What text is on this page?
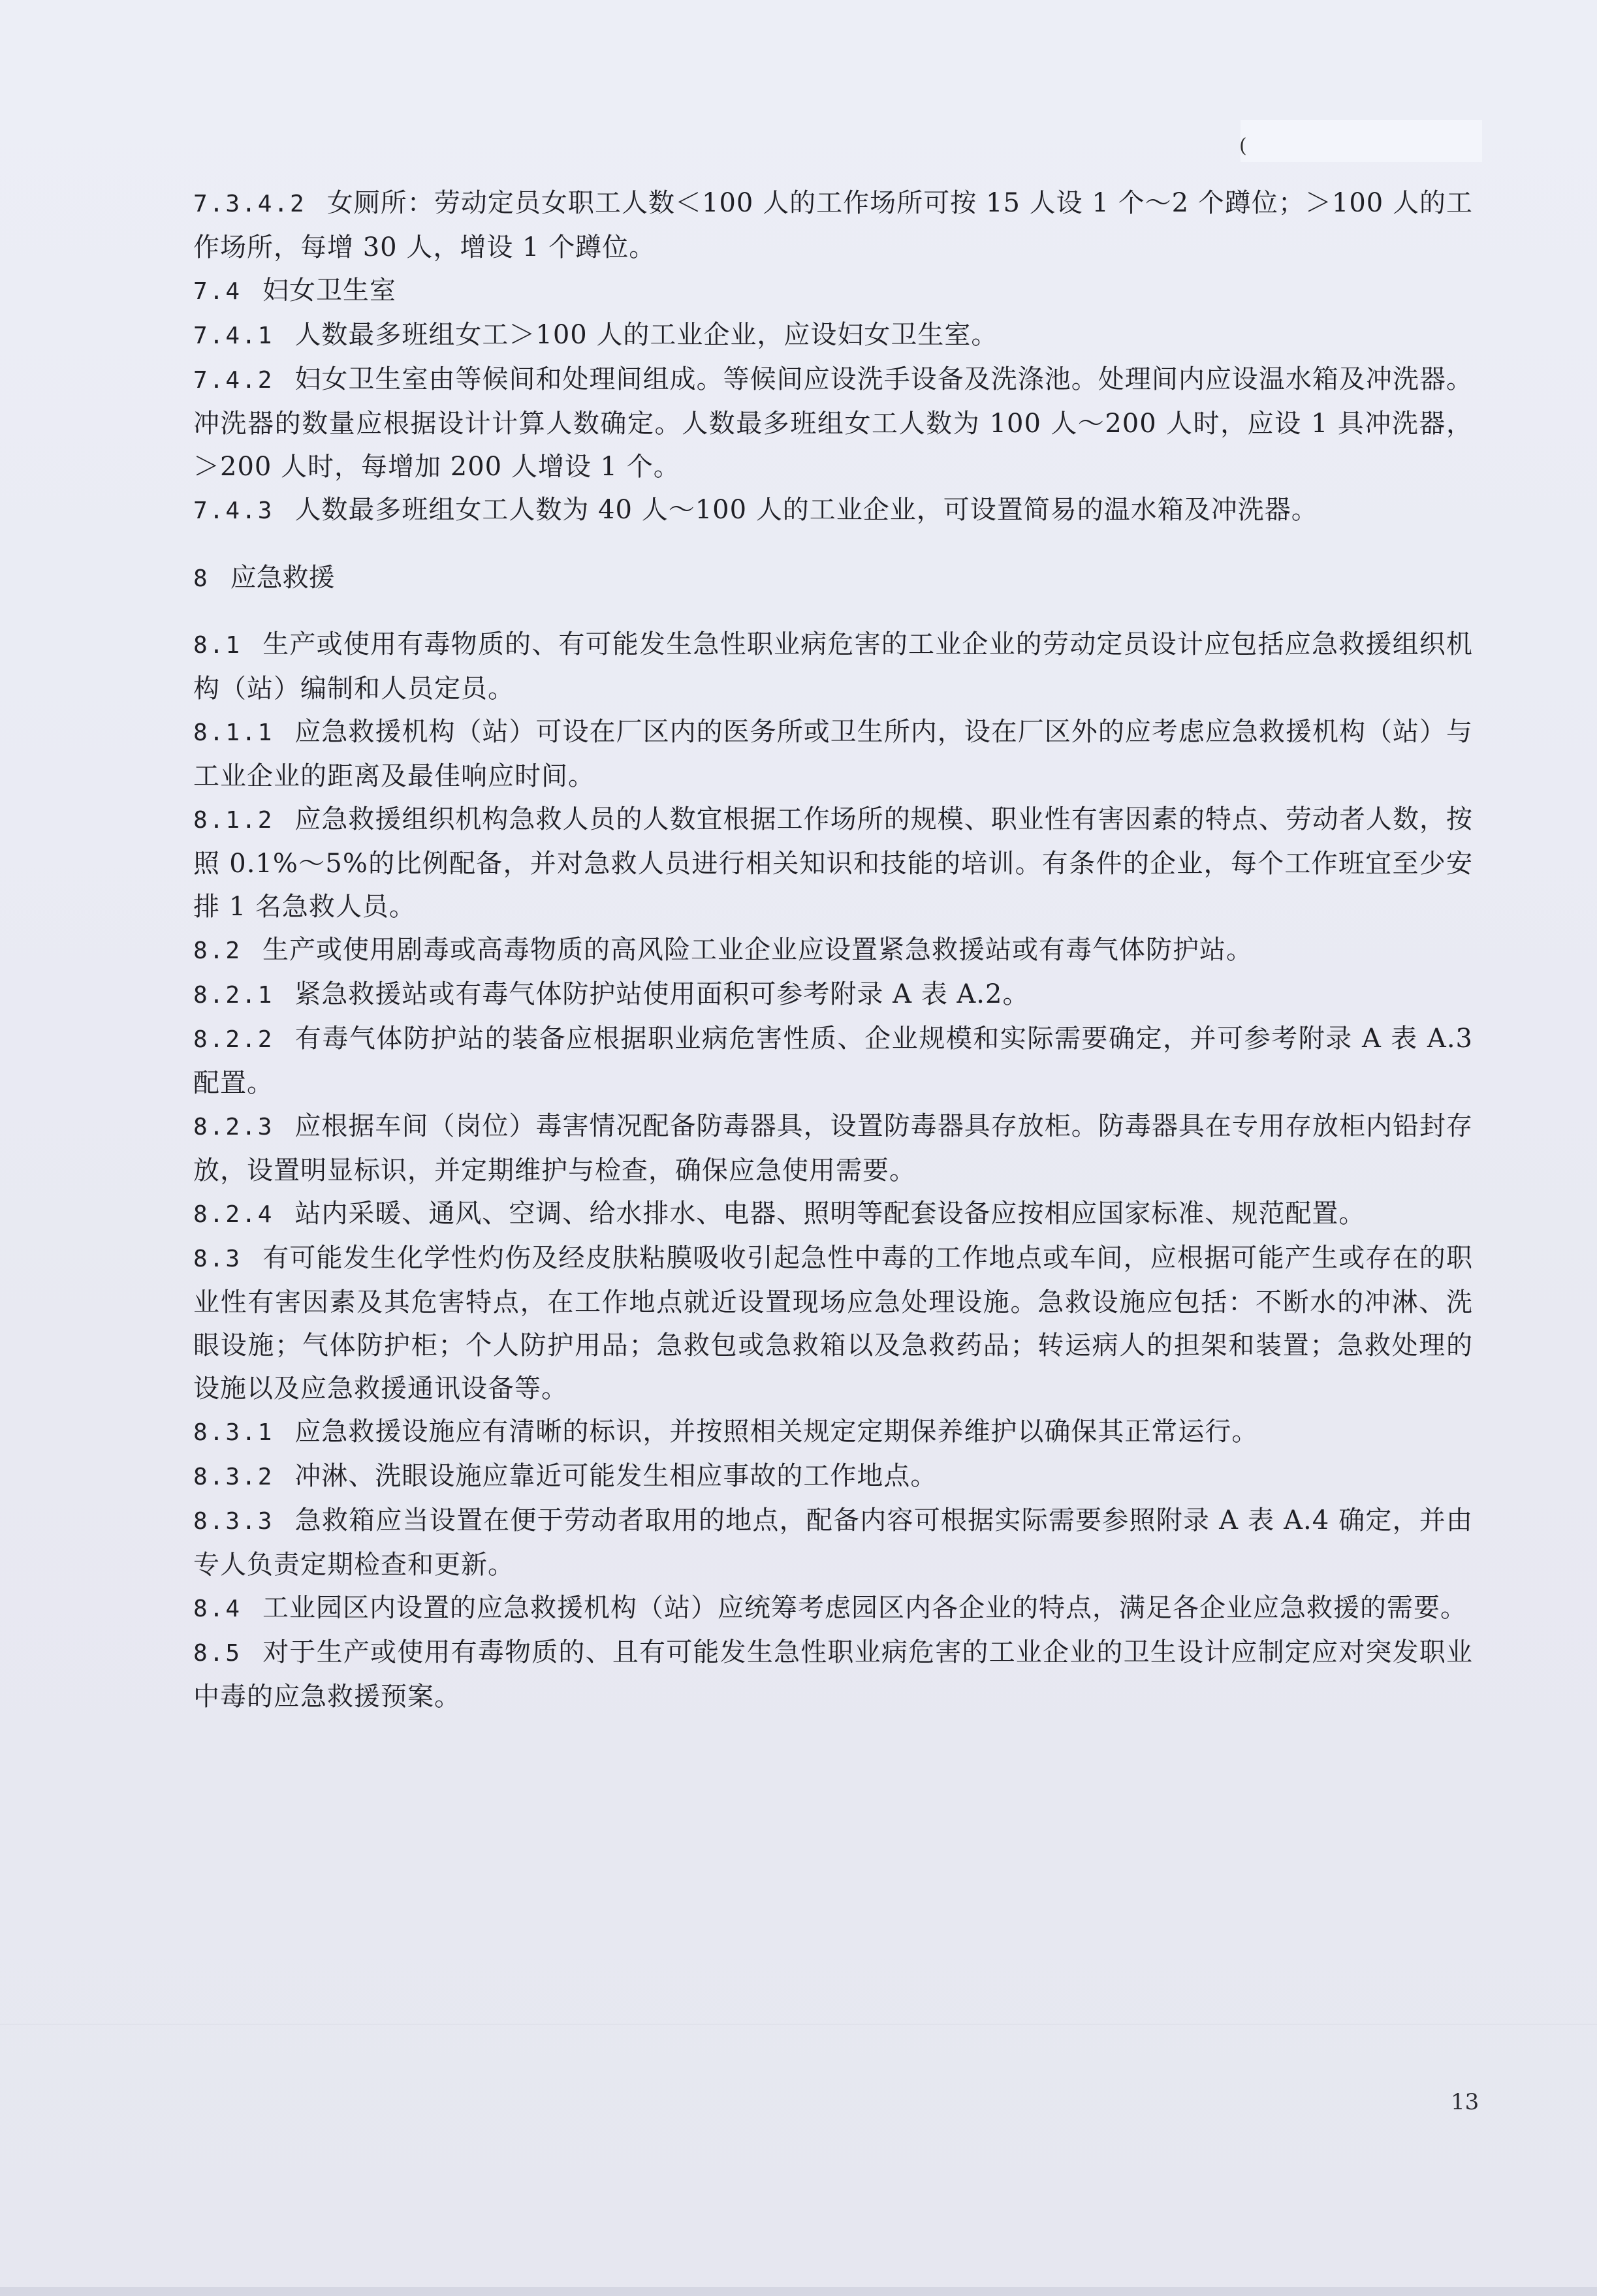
(

7.3.4.2 女厕所：劳动定员女职工人数＜100 人的工作场所可按 15 人设 1 个～2 个蹲位；＞100 人的工作场所，每增 30 人，增设 1 个蹲位。

7.4 妇女卫生室

7.4.1 人数最多班组女工＞100 人的工业企业，应设妇女卫生室。

7.4.2 妇女卫生室由等候间和处理间组成。等候间应设洗手设备及洗涤池。处理间内应设温水箱及冲洗器。冲洗器的数量应根据设计计算人数确定。人数最多班组女工人数为 100 人～200 人时，应设 1 具冲洗器，＞200 人时，每增加 200 人增设 1 个。

7.4.3 人数最多班组女工人数为 40 人～100 人的工业企业，可设置简易的温水箱及冲洗器。

8 应急救援

8.1 生产或使用有毒物质的、有可能发生急性职业病危害的工业企业的劳动定员设计应包括应急救援组织机构（站）编制和人员定员。

8.1.1 应急救援机构（站）可设在厂区内的医务所或卫生所内，设在厂区外的应考虑应急救援机构（站）与工业企业的距离及最佳响应时间。

8.1.2 应急救援组织机构急救人员的人数宜根据工作场所的规模、职业性有害因素的特点、劳动者人数，按照 0.1%～5%的比例配备，并对急救人员进行相关知识和技能的培训。有条件的企业，每个工作班宜至少安排 1 名急救人员。

8.2 生产或使用剧毒或高毒物质的高风险工业企业应设置紧急救援站或有毒气体防护站。

8.2.1 紧急救援站或有毒气体防护站使用面积可参考附录 A 表 A.2。

8.2.2 有毒气体防护站的装备应根据职业病危害性质、企业规模和实际需要确定，并可参考附录 A 表 A.3 配置。

8.2.3 应根据车间（岗位）毒害情况配备防毒器具，设置防毒器具存放柜。防毒器具在专用存放柜内铅封存放，设置明显标识，并定期维护与检查，确保应急使用需要。

8.2.4 站内采暖、通风、空调、给水排水、电器、照明等配套设备应按相应国家标准、规范配置。

8.3 有可能发生化学性灼伤及经皮肤粘膜吸收引起急性中毒的工作地点或车间，应根据可能产生或存在的职业性有害因素及其危害特点，在工作地点就近设置现场应急处理设施。急救设施应包括：不断水的冲淋、洗眼设施；气体防护柜；个人防护用品；急救包或急救箱以及急救药品；转运病人的担架和装置；急救处理的设施以及应急救援通讯设备等。

8.3.1 应急救援设施应有清晰的标识，并按照相关规定定期保养维护以确保其正常运行。

8.3.2 冲淋、洗眼设施应靠近可能发生相应事故的工作地点。

8.3.3 急救箱应当设置在便于劳动者取用的地点，配备内容可根据实际需要参照附录 A 表 A.4 确定，并由专人负责定期检查和更新。

8.4 工业园区内设置的应急救援机构（站）应统筹考虑园区内各企业的特点，满足各企业应急救援的需要。

8.5 对于生产或使用有毒物质的、且有可能发生急性职业病危害的工业企业的卫生设计应制定应对突发职业中毒的应急救援预案。

13
